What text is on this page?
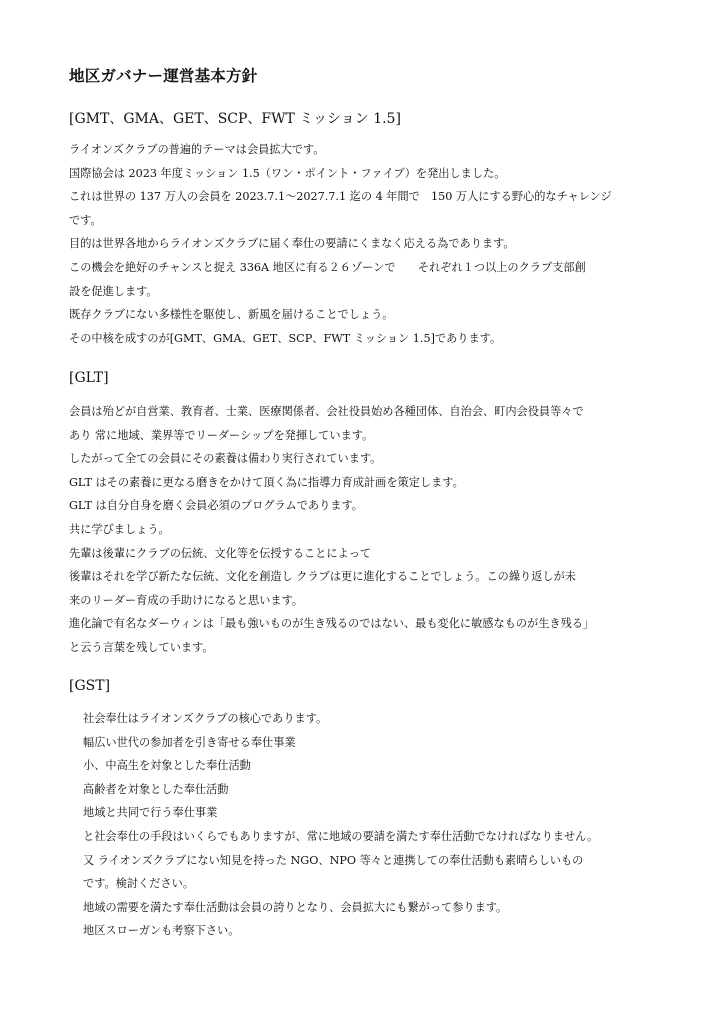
地区ガバナー運営基本方針
[GMT、GMA、GET、SCP、FWT ミッション 1.5]
ライオンズクラブの普遍的テーマは会員拡大です。
国際協会は 2023 年度ミッション 1.5（ワン・ポイント・ファイブ）を発出しました。
これは世界の 137 万人の会員を 2023.7.1～2027.7.1 迄の 4 年間で　150 万人にする野心的なチャレンジ
です。
目的は世界各地からライオンズクラブに届く奉仕の要請にくまなく応える為であります。
この機会を絶好のチャンスと捉え 336A 地区に有る２６ゾーンで　　それぞれ１つ以上のクラブ支部創
設を促進します。
既存クラブにない多様性を駆使し、新風を届けることでしょう。
その中核を成すのが[GMT、GMA、GET、SCP、FWT ミッション 1.5]であります。
[GLT]
会員は殆どが自営業、教育者、士業、医療関係者、会社役員始め各種団体、自治会、町内会役員等々で
あり 常に地域、業界等でリーダーシップを発揮しています。
したがって全ての会員にその素養は備わり実行されています。
GLT はその素養に更なる磨きをかけて頂く為に指導力育成計画を策定します。
GLT は自分自身を磨く会員必須のプログラムであります。
共に学びましょう。
先輩は後輩にクラブの伝統、文化等を伝授することによって
後輩はそれを学び新たな伝統、文化を創造し クラブは更に進化することでしょう。この繰り返しが未
来のリーダー育成の手助けになると思います。
進化論で有名なダーウィンは「最も強いものが生き残るのではない、最も変化に敏感なものが生き残る」
と云う言葉を残しています。
[GST]
社会奉仕はライオンズクラブの核心であります。
幅広い世代の参加者を引き寄せる奉仕事業
小、中高生を対象とした奉仕活動
高齢者を対象とした奉仕活動
地域と共同で行う奉仕事業
と社会奉仕の手段はいくらでもありますが、常に地域の要請を満たす奉仕活動でなければなりません。
又 ライオンズクラブにない知見を持った NGO、NPO 等々と連携しての奉仕活動も素晴らしいもの
です。検討ください。
地域の需要を満たす奉仕活動は会員の誇りとなり、会員拡大にも繋がって参ります。
地区スローガンも考察下さい。
